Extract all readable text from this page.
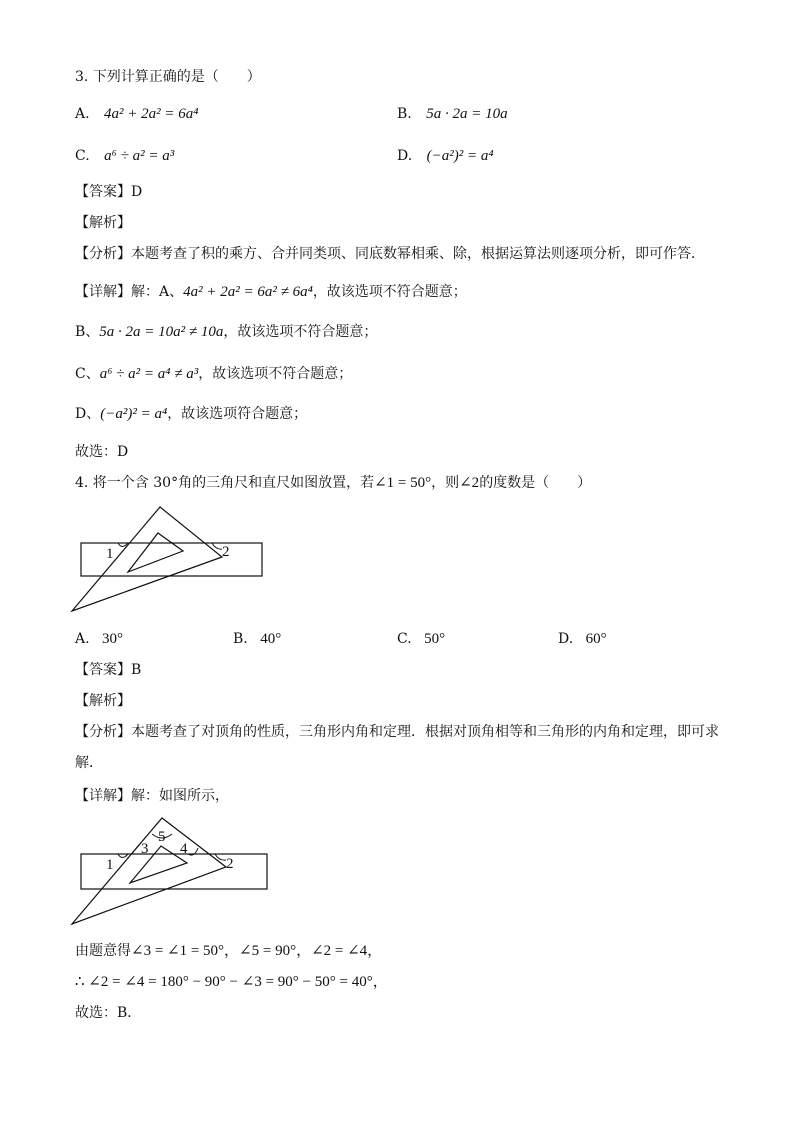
3. 下列计算正确的是（　　）
A. 4a² + 2a² = 6a⁴	B. 5a · 2a = 10a
C. a⁶ ÷ a² = a³	D. (−a²)² = a⁴
【答案】D
【解析】
【分析】本题考查了积的乘方、合并同类项、同底数幂相乘、除，根据运算法则逐项分析，即可作答．
【详解】解：A、4a² + 2a² = 6a² ≠ 6a⁴，故该选项不符合题意；
B、5a · 2a = 10a² ≠ 10a，故该选项不符合题意；
C、a⁶ ÷ a² = a⁴ ≠ a³，故该选项不符合题意；
D、(−a²)² = a⁴，故该选项符合题意；
故选：D
4. 将一个含 30°角的三角尺和直尺如图放置，若∠1 = 50°，则∠2的度数是（　　）
1	2
A. 30°	B. 40°	C. 50°	D. 60°
【答案】B
【解析】
【分析】本题考查了对顶角的性质，三角形内角和定理．根据对顶角相等和三角形的内角和定理，即可求
解．
【详解】解：如图所示，
1	2
3 4
5
由题意得∠3 = ∠1 = 50°，∠5 = 90°，∠2 = ∠4，
∴ ∠2 = ∠4 = 180° − 90° − ∠3 = 90° − 50° = 40°，
故选：B．
